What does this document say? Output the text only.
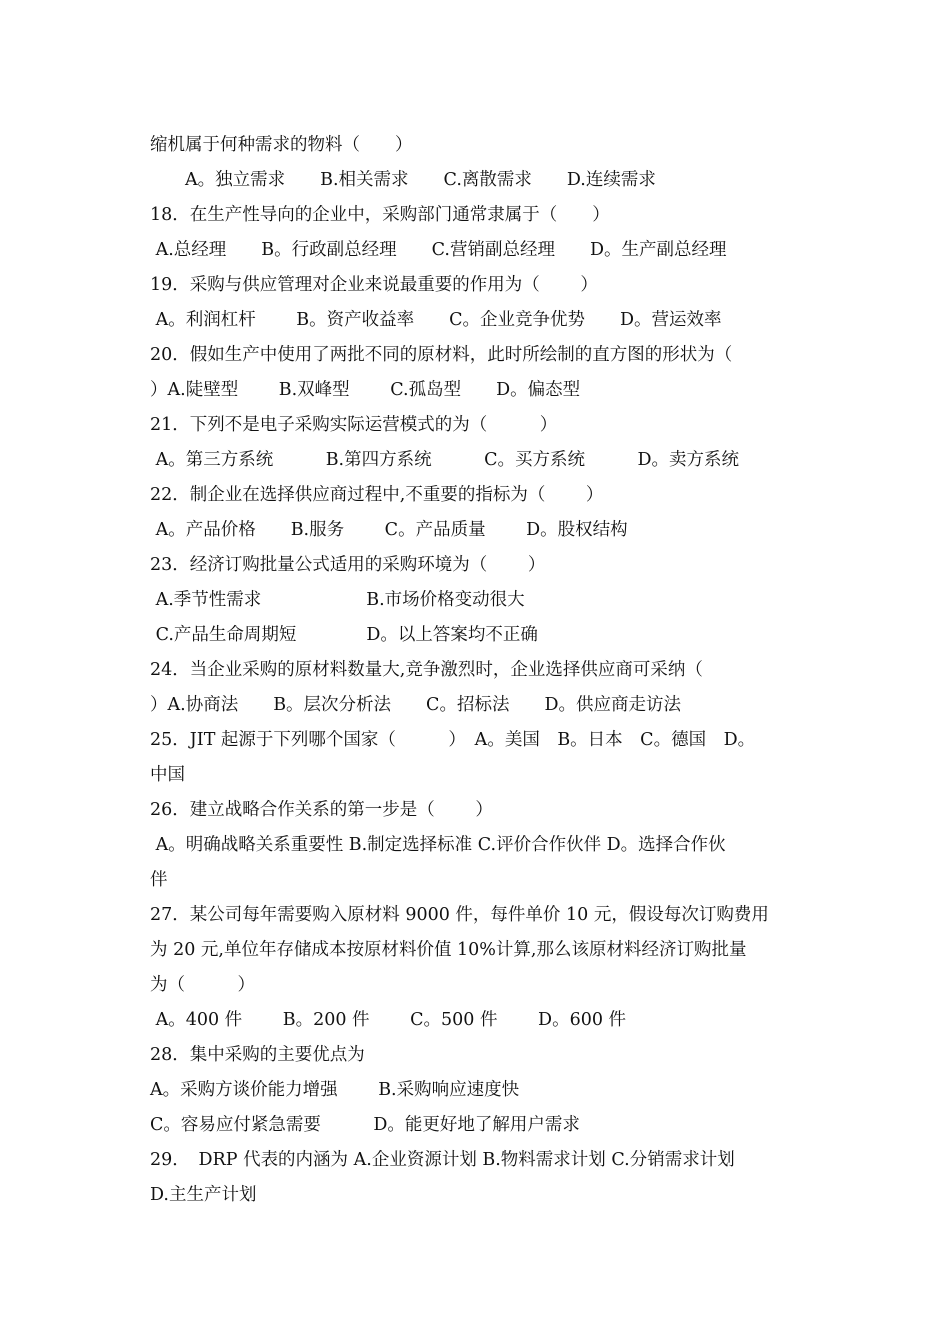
缩机属于何种需求的物料（　　）
　　A。独立需求　　B.相关需求　　C.离散需求　　D.连续需求
18．在生产性导向的企业中，采购部门通常隶属于（　　）
A.总经理　　B。行政副总经理　　C.营销副总经理　　D。生产副总经理
19．采购与供应管理对企业来说最重要的作用为（　　 ）
A。利润杠杆　　 B。资产收益率　　C。企业竞争优势　　D。营运效率
20．假如生产中使用了两批不同的原材料，此时所绘制的直方图的形状为（
）A.陡壁型　　 B.双峰型　　 C.孤岛型　　D。偏态型
21．下列不是电子采购实际运营模式的为（　　　）
A。第三方系统　　　B.第四方系统　　　C。买方系统　　　D。卖方系统
22．制企业在选择供应商过程中,不重要的指标为（　　 ）
A。产品价格　　B.服务　　 C。产品质量　　 D。股权结构
23．经济订购批量公式适用的采购环境为（　　 ）
A.季节性需求　　　　　　B.市场价格变动很大
C.产品生命周期短　　　　D。以上答案均不正确
24．当企业采购的原材料数量大,竞争激烈时，企业选择供应商可采纳（
）A.协商法　　B。层次分析法　　C。招标法　　D。供应商走访法
25．JIT 起源于下列哪个国家（　　　）　A。美国　B。日本　C。德国　D。
中国
26．建立战略合作关系的第一步是（　　 ）
A。明确战略关系重要性 B.制定选择标准 C.评价合作伙伴 D。选择合作伙
伴
27．某公司每年需要购入原材料 9000 件，每件单价 10 元，假设每次订购费用
为 20 元,单位年存储成本按原材料价值 10%计算,那么该原材料经济订购批量
为（　　　）
A。400 件　　 B。200 件　　 C。500 件　　 D。600 件
28．集中采购的主要优点为
A。采购方谈价能力增强　　 B.采购响应速度快
C。容易应付紧急需要　　　D。能更好地了解用户需求
29．　DRP 代表的内涵为 A.企业资源计划 B.物料需求计划 C.分销需求计划
D.主生产计划
